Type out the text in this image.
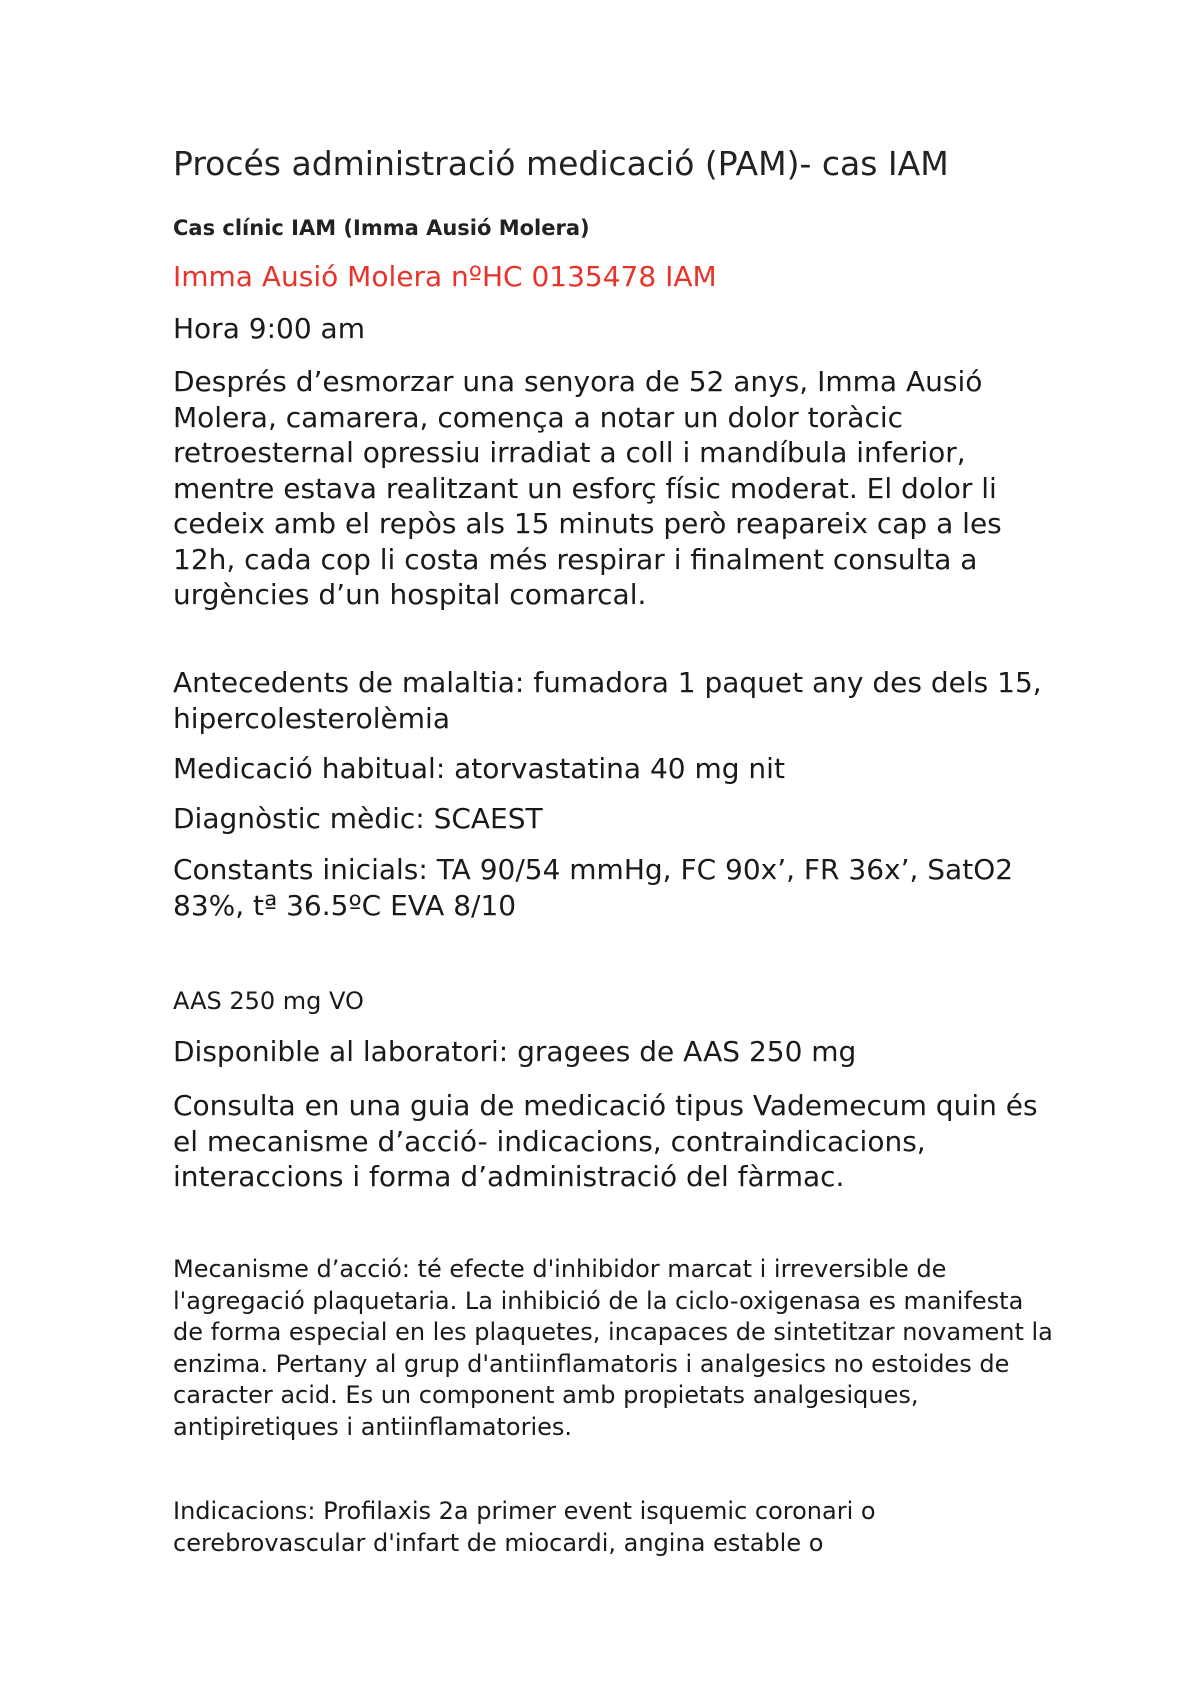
Procés administració medicació (PAM)- cas IAM
Cas clínic IAM (Imma Ausió Molera)
Imma Ausió Molera nºHC 0135478 IAM
Hora 9:00 am
Després d’esmorzar una senyora de 52 anys, Imma Ausió Molera, camarera, comença a notar un dolor toràcic retroesternal opressiu irradiat a coll i mandíbula inferior, mentre estava realitzant un esforç físic moderat. El dolor li cedeix amb el repòs als 15 minuts però reapareix cap a les 12h, cada cop li costa més respirar i finalment consulta a urgències d’un hospital comarcal.
Antecedents de malaltia: fumadora 1 paquet any des dels 15, hipercolesterolèmia
Medicació habitual: atorvastatina 40 mg nit
Diagnòstic mèdic: SCAEST
Constants inicials: TA 90/54 mmHg, FC 90x’, FR 36x’, SatO2 83%, tª 36.5ºC EVA 8/10
AAS 250 mg VO
Disponible al laboratori: gragees de AAS 250 mg
Consulta en una guia de medicació tipus Vademecum quin és el mecanisme d’acció- indicacions, contraindicacions, interaccions i forma d’administració del fàrmac.
Mecanisme d’acció: té efecte d'inhibidor marcat i irreversible de l'agregació plaquetaria. La inhibició de la ciclo-oxigenasa es manifesta de forma especial en les plaquetes, incapaces de sintetitzar novament la enzima. Pertany al grup d'antiinflamatoris i analgesics no estoides de caracter acid. Es un component amb propietats analgesiques, antipiretiques i antiinflamatories.
Indicacions: Profilaxis 2a primer event isquemic coronari o cerebrovascular d'infart de miocardi, angina estable o
